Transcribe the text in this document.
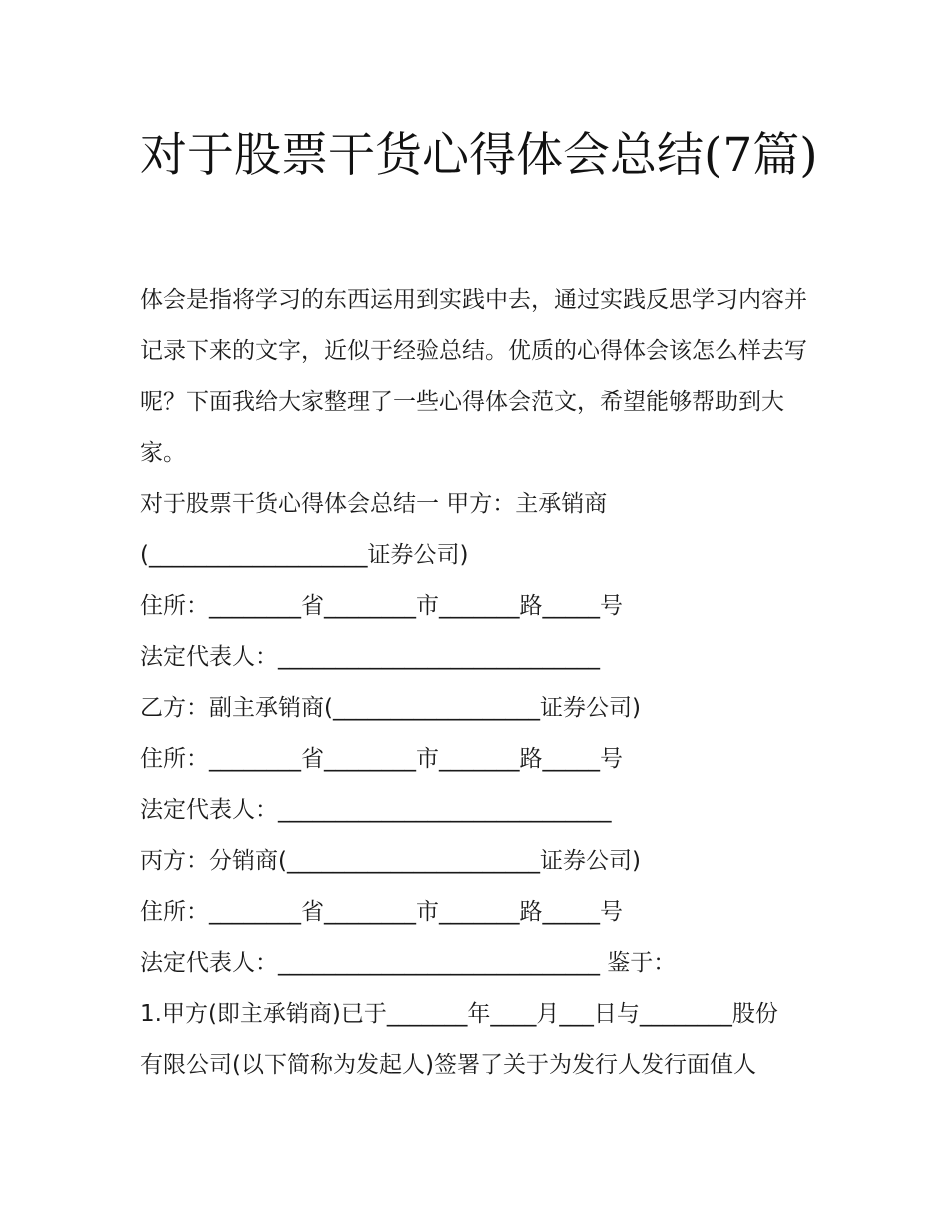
对于股票干货心得体会总结(7篇)
体会是指将学习的东西运用到实践中去，通过实践反思学习内容并记录下来的文字，近似于经验总结。优质的心得体会该怎么样去写呢？下面我给大家整理了一些心得体会范文，希望能够帮助到大家。
对于股票干货心得体会总结一 甲方：主承销商
(___________________证券公司)
住所：________省________市_______路_____号
法定代表人：____________________________
乙方：副主承销商(__________________证券公司)
住所：________省________市_______路_____号
法定代表人：_____________________________
丙方：分销商(______________________证券公司)
住所：________省________市_______路_____号
法定代表人：____________________________ 鉴于：
1.甲方(即主承销商)已于_______年____月___日与________股份
有限公司(以下简称为发起人)签署了关于为发行人发行面值人
